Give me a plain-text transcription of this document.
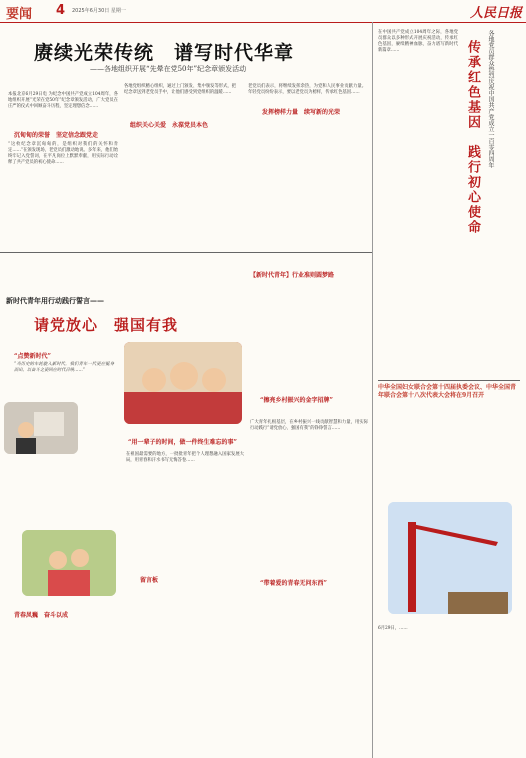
要闻 4 2025年6月30日 星期一	人民日报
赓续光荣传统　谱写时代华章
——各地组织开展“先晕在党50年”纪念章颁发活动
本报北京6月29日电 为纪念中国共产党成立104周年，各地组织开展“光荣在党50年”纪念章颁发活动，广大党员在庄严的仪式中回顾奋斗历程，坚定理想信念……
沉甸甸的荣誉　坚定信念跟党走
“这枚纪念章沉甸甸的，是组织对我们的关怀和肯定……”在颁发现场，老党员们激动地说。多年来，他们始终牢记入党誓词，在平凡岗位上默默奉献，用实际行动诠释了共产党员的初心使命……
各地党组织精心组织，通过上门颁发、集中颁发等形式，把纪念章送到老党员手中，让他们感受到党组织的温暖……
组织关心关爱　永葆党员本色
老党员们表示，将继续发挥余热，为党和人民事业贡献力量。年轻党员纷纷表示，要以老党员为榜样，传承红色基因……
发挥榜样力量　续写新的光荣
新时代青年用行动践行誓言——
请党放心　强国有我
“点赞新时代”
“当历史的车轮驶入新时代，我们青年一代更应挺身而出，以奋斗之姿回应时代召唤……”
青春凤巍　奋斗以成
“用一辈子的时间，做一件终生难忘的事”
在祖国最需要的地方，一批批青年把个人理想融入国家发展大局，用青春和汗水书写无悔答卷……
留言板
【新时代青年】行业准则圆梦路
“擦亮乡村振兴的金字招牌”
“带着爱的青春无问东西”
广大青年扎根基层，在乡村振兴一线贡献智慧和力量，用实际行动践行“请党放心、强国有我”的铮铮誓言……
在中国共产党成立104周年之际，各地党员群众以多种形式开展庆祝活动，传承红色基因，赓续精神血脉，奋力谱写新时代新篇章……	各地党员群众热烈庆祝中国共产党成立一百零四周年
传承红色基因　践行初心使命
中华全国妇女联合会第十四届执委会议、中华全国青年联合会第十八次代表大会将在9月召开
6月29日，……
